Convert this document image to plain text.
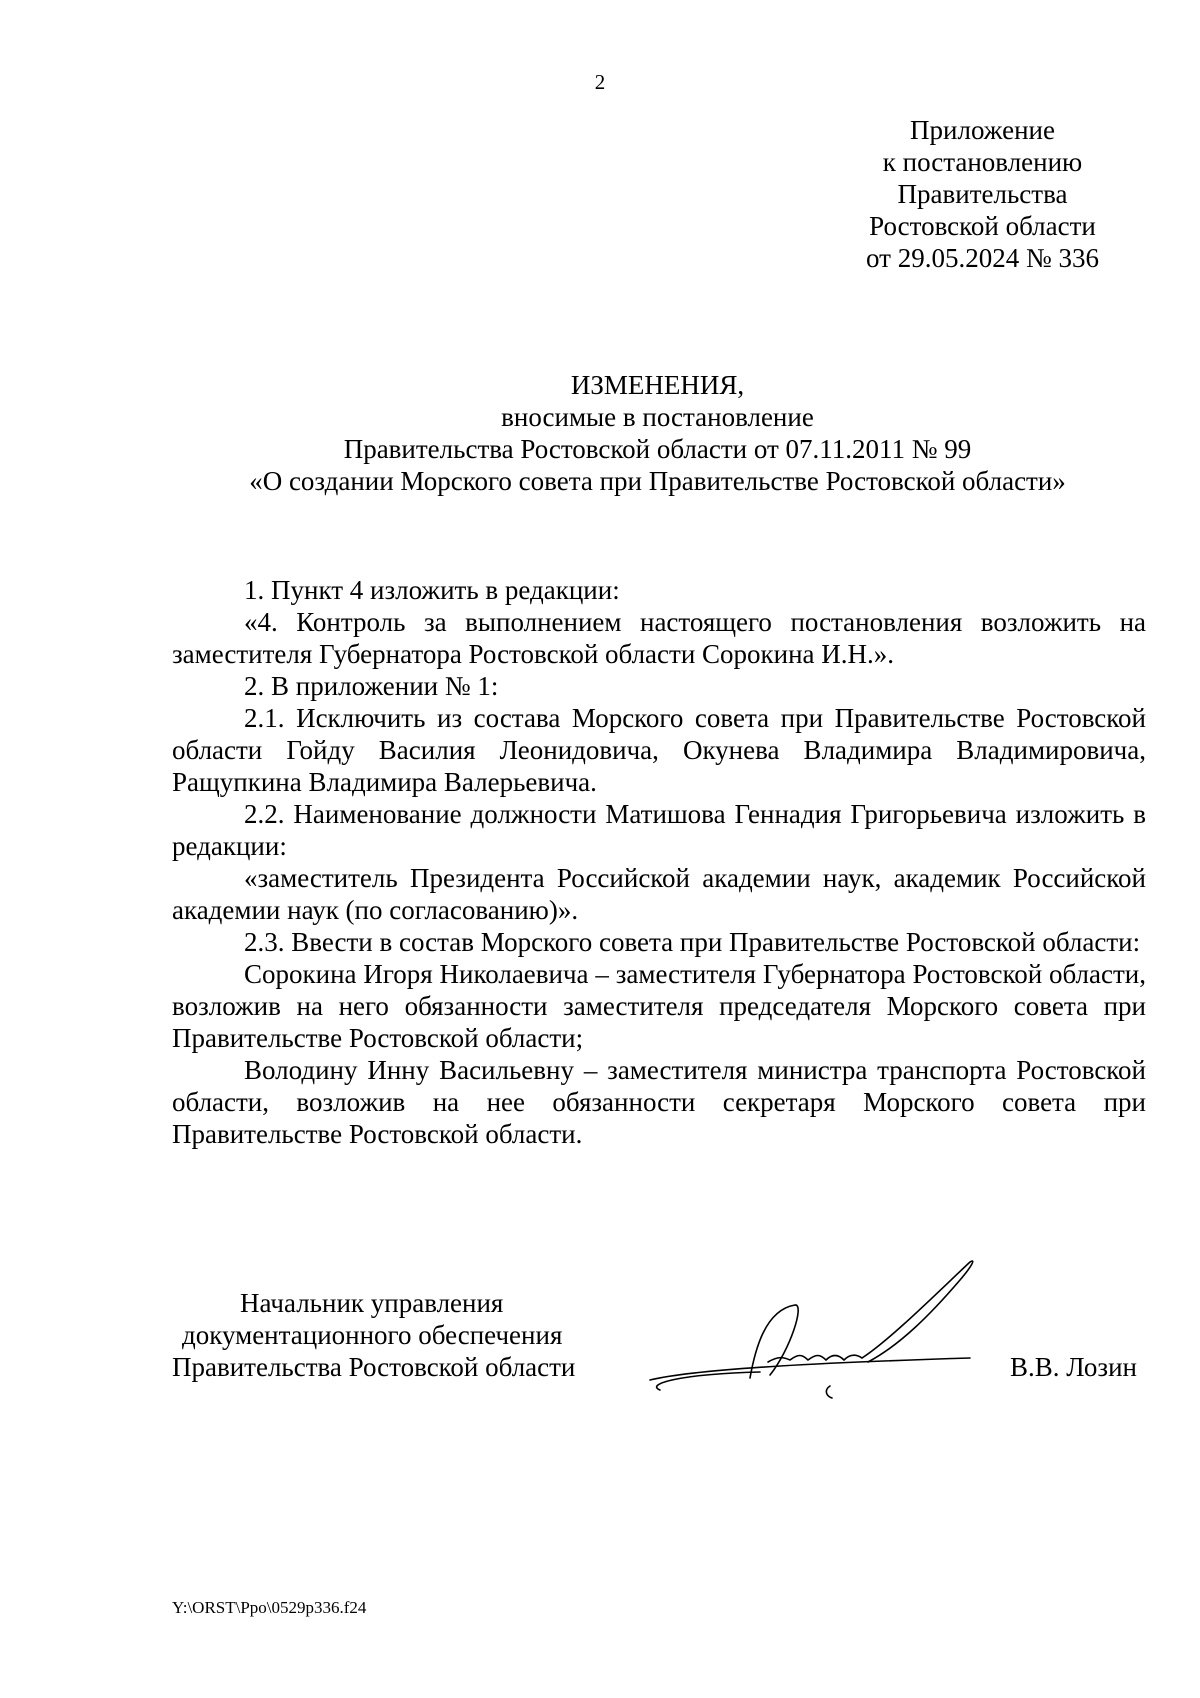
2
Приложение
к постановлению
Правительства
Ростовской области
от 29.05.2024 № 336
ИЗМЕНЕНИЯ,
вносимые в постановление
Правительства Ростовской области от 07.11.2011 № 99
«О создании Морского совета при Правительстве Ростовской области»

1. Пункт 4 изложить в редакции:

«4. Контроль за выполнением настоящего постановления возложить на заместителя Губернатора Ростовской области Сорокина И.Н.».

2. В приложении № 1:

2.1. Исключить из состава Морского совета при Правительстве Ростовской области Гойду Василия Леонидовича, Окунева Владимира Владимировича, Ращупкина Владимира Валерьевича.

2.2. Наименование должности Матишова Геннадия Григорьевича изложить в редакции:

«заместитель Президента Российской академии наук, академик Российской академии наук (по согласованию)».

2.3. Ввести в состав Морского совета при Правительстве Ростовской области:

Сорокина Игоря Николаевича – заместителя Губернатора Ростовской области, возложив на него обязанности заместителя председателя Морского совета при Правительстве Ростовской области;

Володину Инну Васильевну – заместителя министра транспорта Ростовской области, возложив на нее обязанности секретаря Морского совета при Правительстве Ростовской области.

Начальник управления
документационного обеспечения
Правительства Ростовской области	В.В. Лозин
Y:\ORST\Ppo\0529p336.f24
